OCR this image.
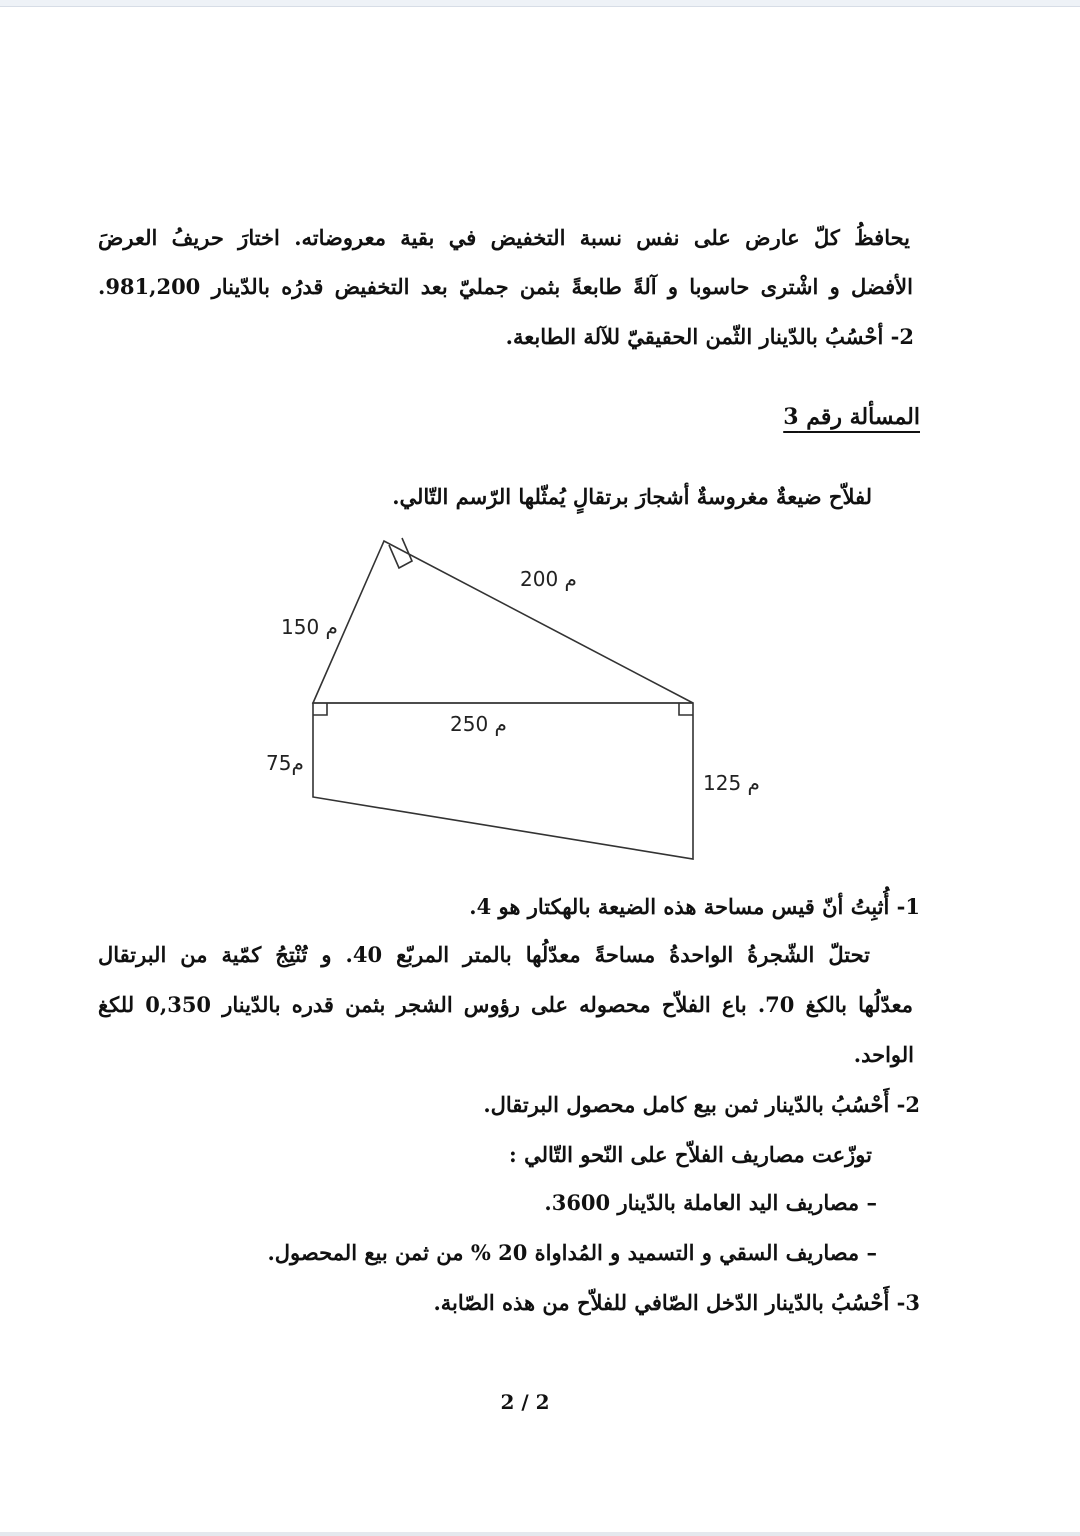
يحافظُ كلّ عارض على نفس نسبة التخفيض في بقية معروضاته. اختارَ حريفُ العرضَ
الأفضل و اشْترى حاسوبا و آلةً طابعةً بثمن جمليّ بعد التخفيض قدرُه بالدّينار 981,200.
2- أحْسُبُ بالدّينار الثّمن الحقيقيّ للآلة الطابعة.
المسألة رقم 3
لفلاّح ضيعةٌ مغروسةٌ أشجارَ برتقالٍ يُمثّلها الرّسم التّالي.
150 م
200 م
250 م
75م
125 م
1- أُثبِتُ أنّ قيس مساحة هذه الضيعة بالهكتار هو 4.
تحتلّ الشّجرةُ الواحدةُ مساحةً معدّلُها بالمتر المربّع 40. و تُنْتِجُ كمّية من البرتقال
معدّلُها بالكغ 70. باع الفلاّح محصوله على رؤوس الشجر بثمن قدره بالدّينار 0,350 للكغ
الواحد.
2- أَحْسُبُ بالدّينار ثمن بيع كامل محصول البرتقال.
توزّعت مصاريف الفلاّح على النّحو التّالي :
– مصاريف اليد العاملة بالدّينار 3600.
– مصاريف السقي و التسميد و المُداواة 20 % من ثمن بيع المحصول.
3- أَحْسُبُ بالدّينار الدّخل الصّافي للفلاّح من هذه الصّابة.
2 / 2
